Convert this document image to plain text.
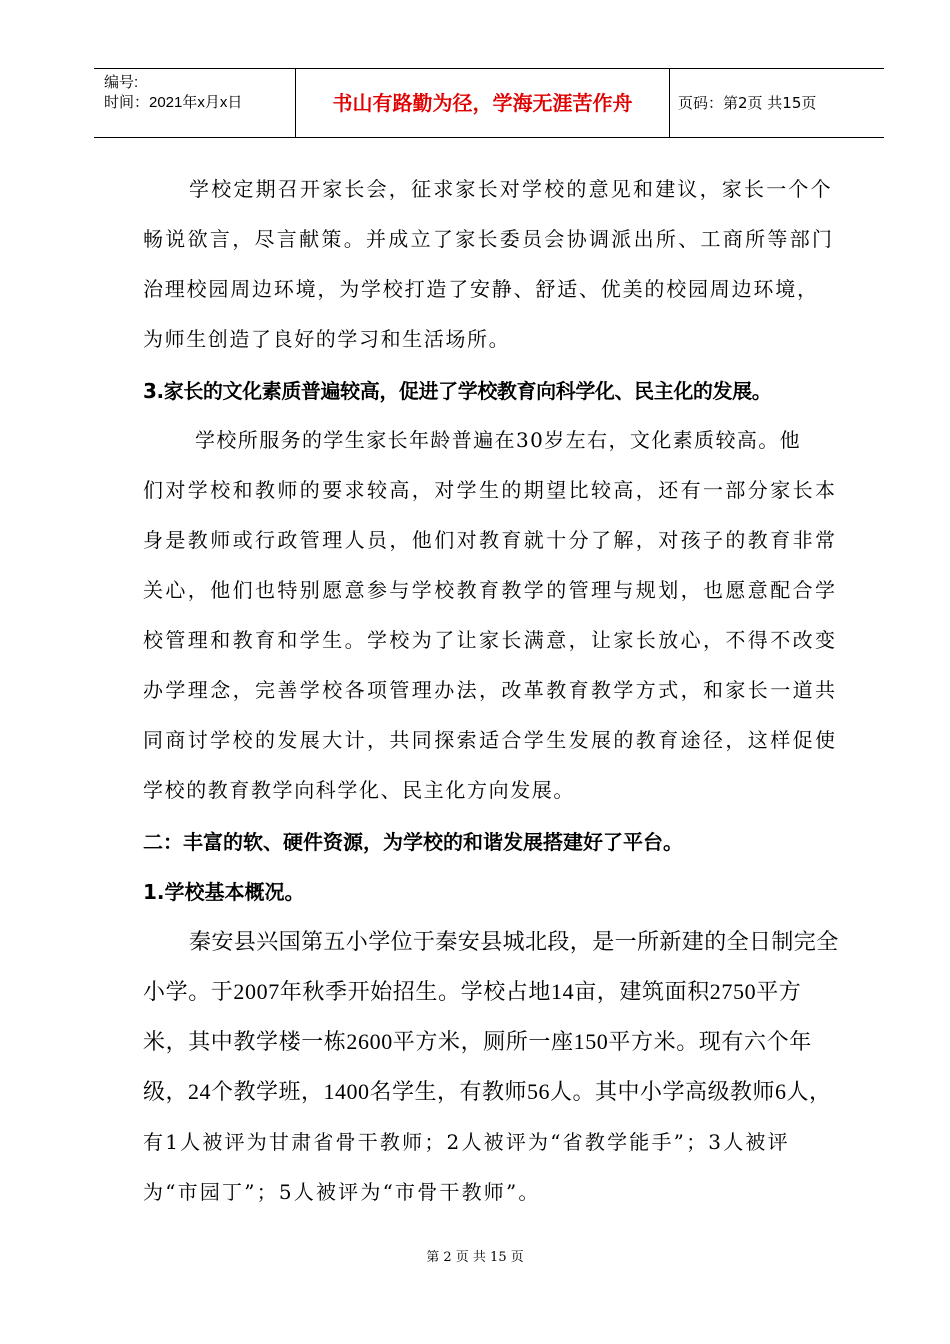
编号:
时间：2021年x月x日	书山有路勤为径，学海无涯苦作舟	页码：第2页 共15页
学校定期召开家长会，征求家长对学校的意见和建议，家长一个个
畅说欲言，尽言献策。并成立了家长委员会协调派出所、工商所等部门
治理校园周边环境，为学校打造了安静、舒适、优美的校园周边环境，
为师生创造了良好的学习和生活场所。
3.家长的文化素质普遍较高，促进了学校教育向科学化、民主化的发展。
学校所服务的学生家长年龄普遍在30岁左右，文化素质较高。他
们对学校和教师的要求较高，对学生的期望比较高，还有一部分家长本
身是教师或行政管理人员，他们对教育就十分了解，对孩子的教育非常
关心，他们也特别愿意参与学校教育教学的管理与规划，也愿意配合学
校管理和教育和学生。学校为了让家长满意，让家长放心，不得不改变
办学理念，完善学校各项管理办法，改革教育教学方式，和家长一道共
同商讨学校的发展大计，共同探索适合学生发展的教育途径，这样促使
学校的教育教学向科学化、民主化方向发展。
二：丰富的软、硬件资源，为学校的和谐发展搭建好了平台。
1.学校基本概况。
秦安县兴国第五小学位于秦安县城北段，是一所新建的全日制完全
小学。于2007年秋季开始招生。学校占地14亩，建筑面积2750平方
米，其中教学楼一栋2600平方米，厕所一座150平方米。现有六个年
级，24个教学班，1400名学生，有教师56人。其中小学高级教师6人，
有1人被评为甘肃省骨干教师；2人被评为“省教学能手”；3人被评
为“市园丁”；5人被评为“市骨干教师”。
第 2 页 共 15 页
